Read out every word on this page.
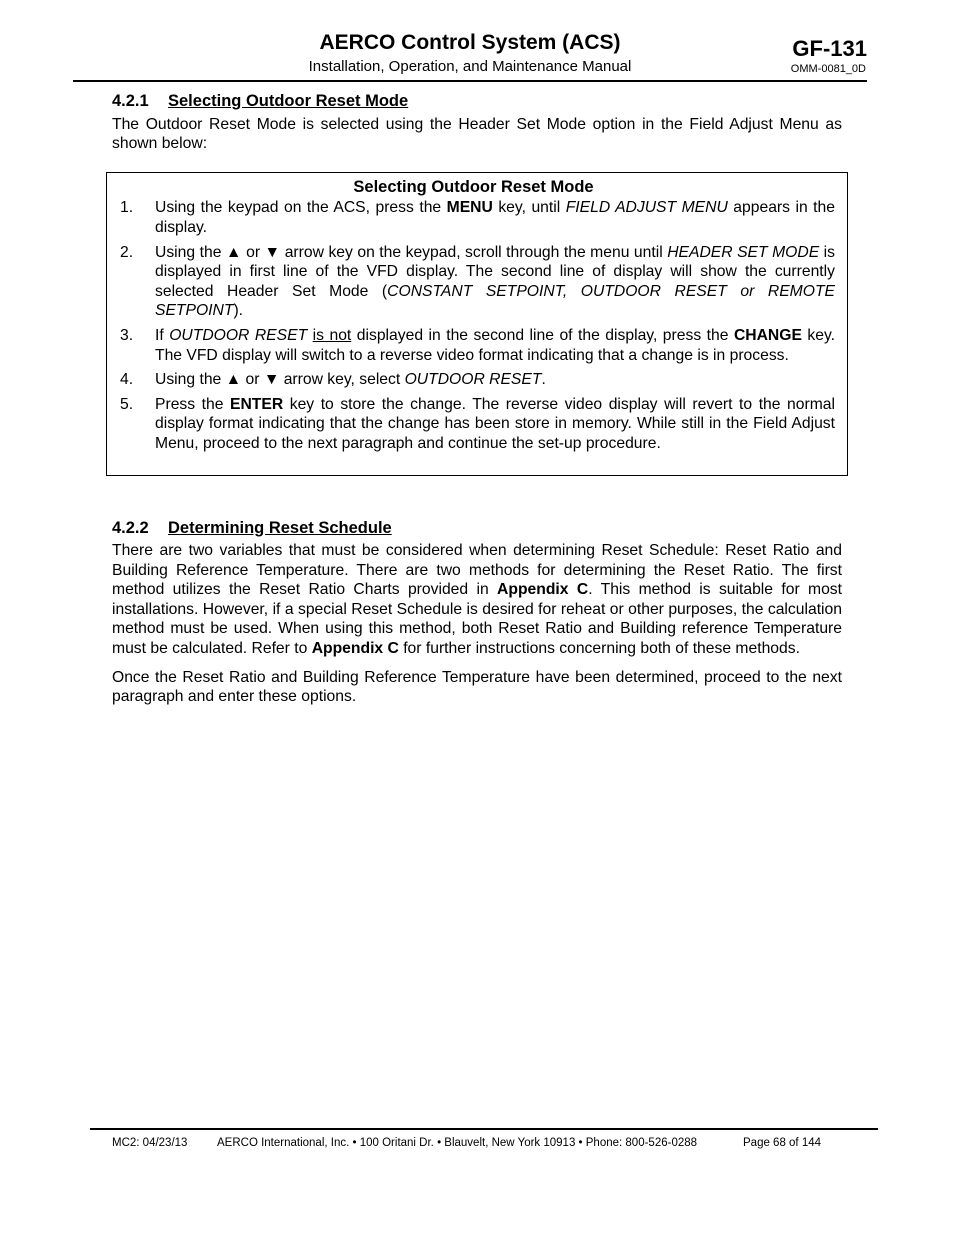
AERCO Control System (ACS)
Installation, Operation, and Maintenance Manual
GF-131
OMM-0081_0D
4.2.1 Selecting Outdoor Reset Mode

The Outdoor Reset Mode is selected using the Header Set Mode option in the Field Adjust Menu as shown below:

Selecting Outdoor Reset Mode
1.	Using the keypad on the ACS, press the MENU key, until FIELD ADJUST MENU appears in the display.
2.	Using the ▲ or ▼ arrow key on the keypad, scroll through the menu until HEADER SET MODE is displayed in first line of the VFD display. The second line of display will show the currently selected Header Set Mode (CONSTANT SETPOINT, OUTDOOR RESET or REMOTE SETPOINT).
3.	If OUTDOOR RESET is not displayed in the second line of the display, press the CHANGE key. The VFD display will switch to a reverse video format indicating that a change is in process.
4.	Using the ▲ or ▼ arrow key, select OUTDOOR RESET.
5.	Press the ENTER key to store the change. The reverse video display will revert to the normal display format indicating that the change has been store in memory. While still in the Field Adjust Menu, proceed to the next paragraph and continue the set-up procedure.
4.2.2 Determining Reset Schedule

There are two variables that must be considered when determining Reset Schedule: Reset Ratio and Building Reference Temperature. There are two methods for determining the Reset Ratio. The first method utilizes the Reset Ratio Charts provided in Appendix C. This method is suitable for most installations. However, if a special Reset Schedule is desired for reheat or other purposes, the calculation method must be used. When using this method, both Reset Ratio and Building reference Temperature must be calculated. Refer to Appendix C for further instructions concerning both of these methods.

Once the Reset Ratio and Building Reference Temperature have been determined, proceed to the next paragraph and enter these options.

MC2: 04/23/13	AERCO International, Inc. • 100 Oritani Dr. • Blauvelt, New York 10913 • Phone: 800-526-0288	Page 68 of 144
